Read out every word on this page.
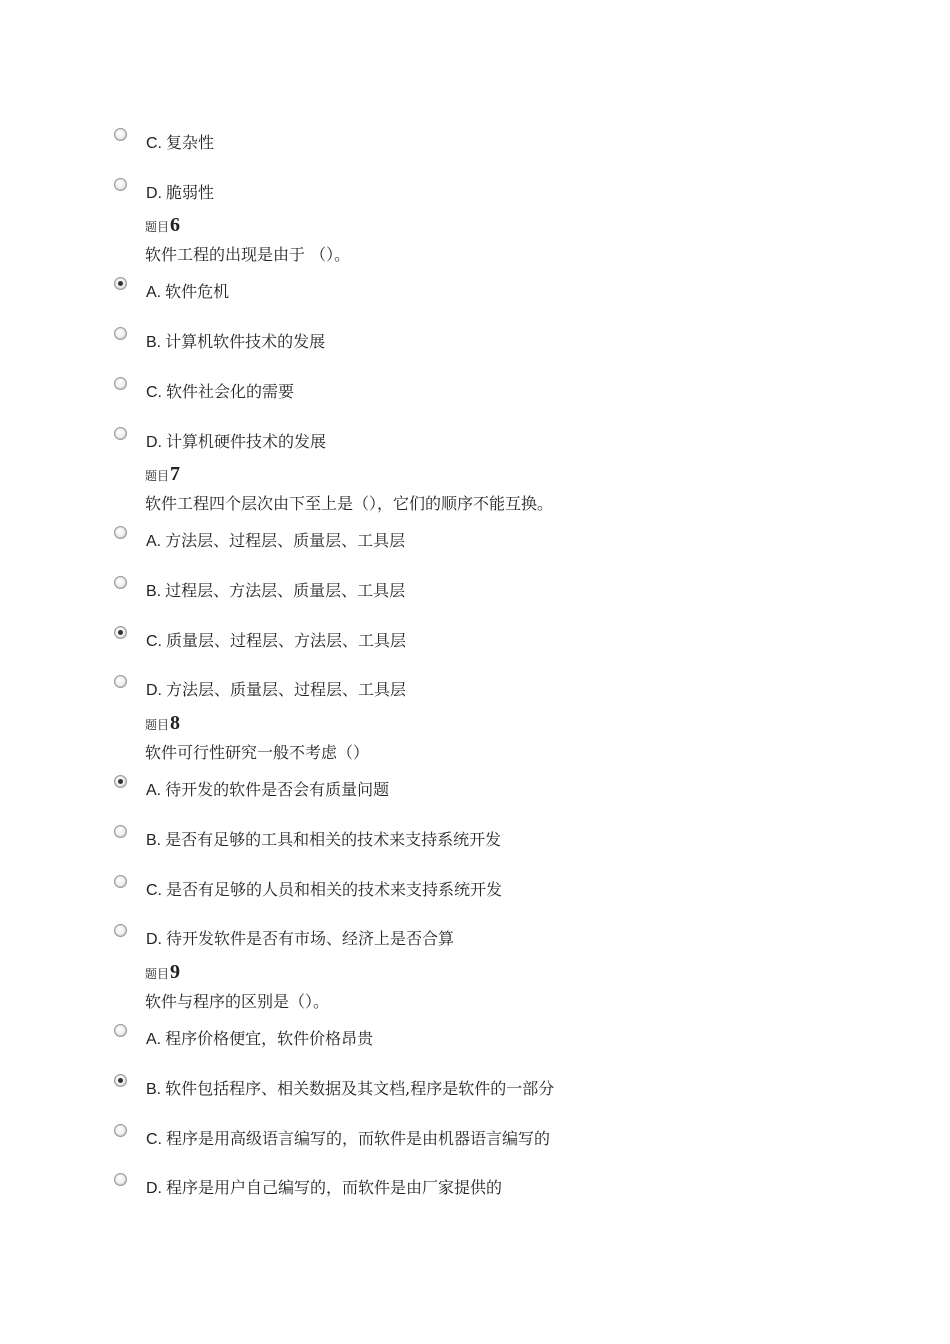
C. 复杂性
D. 脆弱性
题目6
软件工程的出现是由于 （）。
A. 软件危机
B. 计算机软件技术的发展
C. 软件社会化的需要
D. 计算机硬件技术的发展
题目7
软件工程四个层次由下至上是（），它们的顺序不能互换。
A. 方法层、过程层、质量层、工具层
B. 过程层、方法层、质量层、工具层
C. 质量层、过程层、方法层、工具层
D. 方法层、质量层、过程层、工具层
题目8
软件可行性研究一般不考虑（）
A. 待开发的软件是否会有质量问题
B. 是否有足够的工具和相关的技术来支持系统开发
C. 是否有足够的人员和相关的技术来支持系统开发
D. 待开发软件是否有市场、经济上是否合算
题目9
软件与程序的区别是（）。
A. 程序价格便宜，软件价格昂贵
B. 软件包括程序、相关数据及其文档,程序是软件的一部分
C. 程序是用高级语言编写的，而软件是由机器语言编写的
D. 程序是用户自己编写的，而软件是由厂家提供的
